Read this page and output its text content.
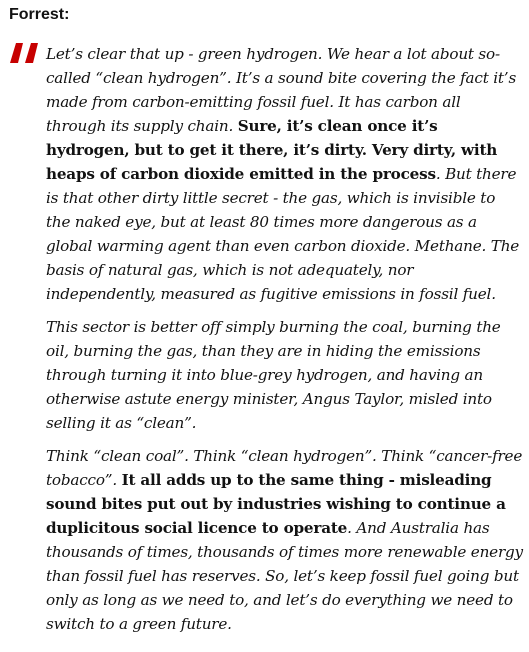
Forrest:

Let’s clear that up - green hydrogen. We hear a lot about so-called “clean hydrogen”. It’s a sound bite covering the fact it’s made from carbon-emitting fossil fuel. It has carbon all through its supply chain. Sure, it’s clean once it’s hydrogen, but to get it there, it’s dirty. Very dirty, with heaps of carbon dioxide emitted in the process. But there is that other dirty little secret - the gas, which is invisible to the naked eye, but at least 80 times more dangerous as a global warming agent than even carbon dioxide. Methane. The basis of natural gas, which is not adequately, nor independently, measured as fugitive emissions in fossil fuel.

This sector is better off simply burning the coal, burning the oil, burning the gas, than they are in hiding the emissions through turning it into blue-grey hydrogen, and having an otherwise astute energy minister, Angus Taylor, misled into selling it as “clean”.

Think “clean coal”. Think “clean hydrogen”. Think “cancer-free tobacco”. It all adds up to the same thing - misleading sound bites put out by industries wishing to continue a duplicitous social licence to operate. And Australia has thousands of times, thousands of times more renewable energy than fossil fuel has reserves. So, let’s keep fossil fuel going but only as long as we need to, and let’s do everything we need to switch to a green future.
